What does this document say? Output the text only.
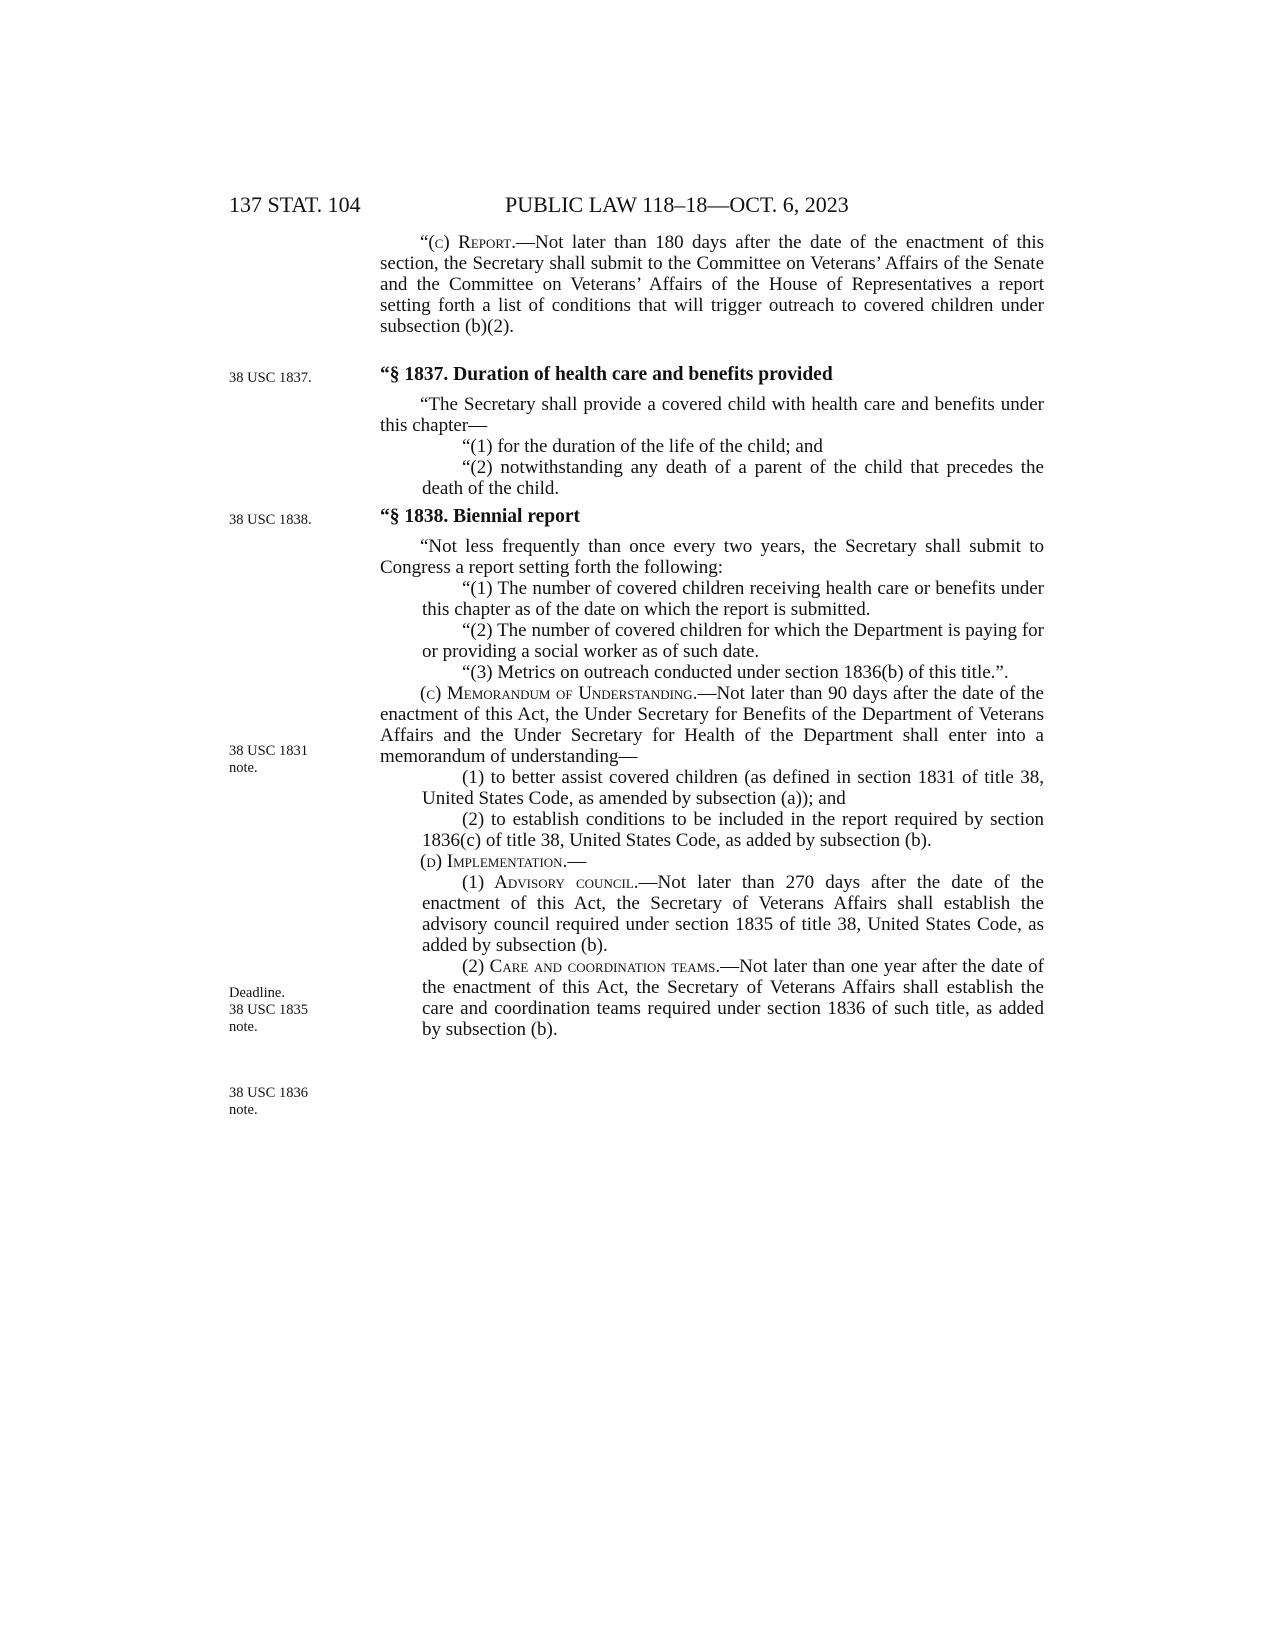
137 STAT. 104	PUBLIC LAW 118–18—OCT. 6, 2023
38 USC 1837.
38 USC 1838.
38 USC 1831
note.
Deadline.
38 USC 1835
note.
38 USC 1836
note.

“(c) Report.—Not later than 180 days after the date of the enactment of this section, the Secretary shall submit to the Committee on Veterans’ Affairs of the Senate and the Committee on Veterans’ Affairs of the House of Representatives a report setting forth a list of conditions that will trigger outreach to covered children under subsection (b)(2).

“§ 1837. Duration of health care and benefits provided

“The Secretary shall provide a covered child with health care and benefits under this chapter—

“(1) for the duration of the life of the child; and

“(2) notwithstanding any death of a parent of the child that precedes the death of the child.

“§ 1838. Biennial report

“Not less frequently than once every two years, the Secretary shall submit to Congress a report setting forth the following:

“(1) The number of covered children receiving health care or benefits under this chapter as of the date on which the report is submitted.

“(2) The number of covered children for which the Department is paying for or providing a social worker as of such date.

“(3) Metrics on outreach conducted under section 1836(b) of this title.”.

(c) Memorandum of Understanding.—Not later than 90 days after the date of the enactment of this Act, the Under Secretary for Benefits of the Department of Veterans Affairs and the Under Secretary for Health of the Department shall enter into a memorandum of understanding—

(1) to better assist covered children (as defined in section 1831 of title 38, United States Code, as amended by subsection (a)); and

(2) to establish conditions to be included in the report required by section 1836(c) of title 38, United States Code, as added by subsection (b).

(d) Implementation.—

(1) Advisory council.—Not later than 270 days after the date of the enactment of this Act, the Secretary of Veterans Affairs shall establish the advisory council required under section 1835 of title 38, United States Code, as added by subsection (b).

(2) Care and coordination teams.—Not later than one year after the date of the enactment of this Act, the Secretary of Veterans Affairs shall establish the care and coordination teams required under section 1836 of such title, as added by subsection (b).
